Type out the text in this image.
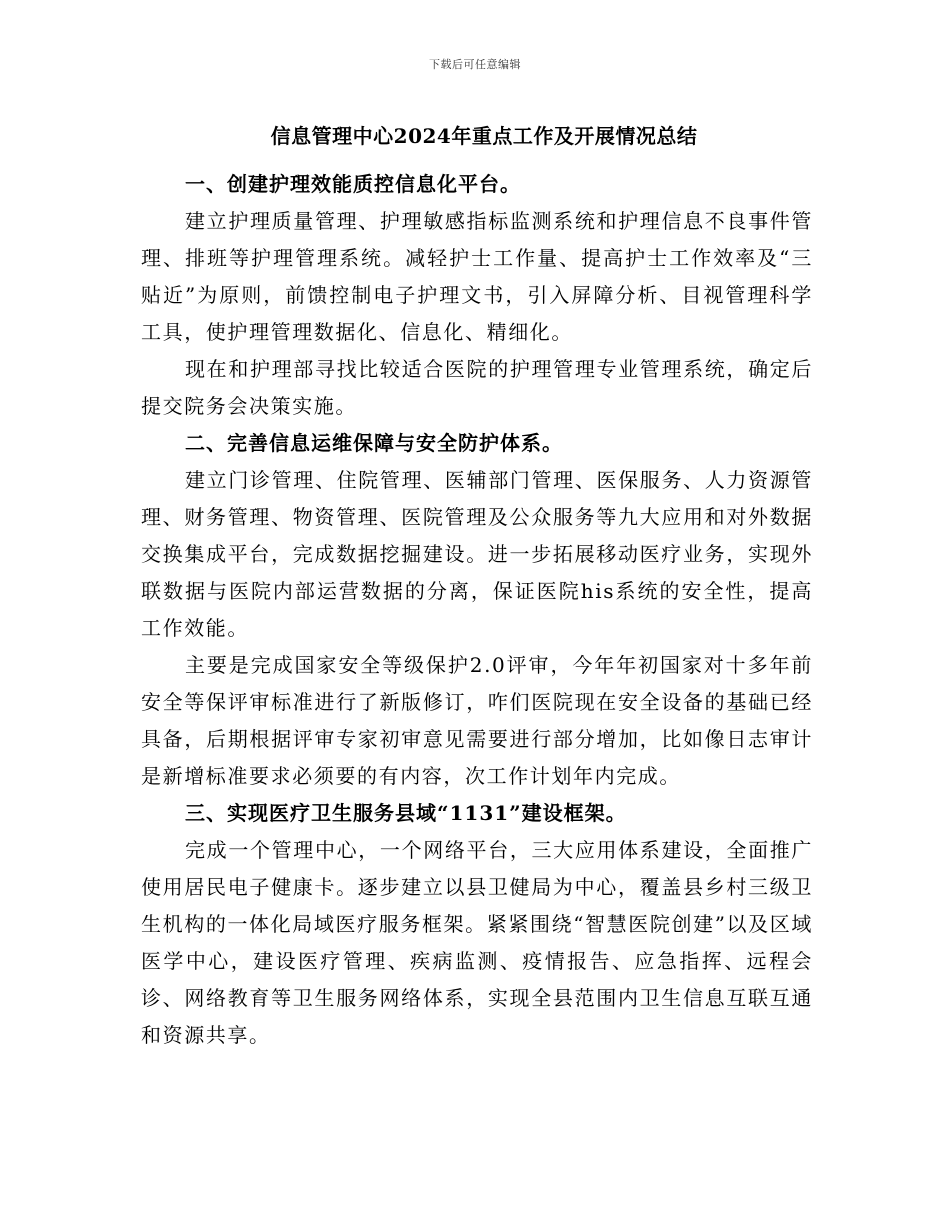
下载后可任意编辑
信息管理中心2024年重点工作及开展情况总结

一、创建护理效能质控信息化平台。

建立护理质量管理、护理敏感指标监测系统和护理信息不良事件管理、排班等护理管理系统。减轻护士工作量、提高护士工作效率及“三贴近”为原则，前馈控制电子护理文书，引入屏障分析、目视管理科学工具，使护理管理数据化、信息化、精细化。

现在和护理部寻找比较适合医院的护理管理专业管理系统，确定后提交院务会决策实施。

二、完善信息运维保障与安全防护体系。

建立门诊管理、住院管理、医辅部门管理、医保服务、人力资源管理、财务管理、物资管理、医院管理及公众服务等九大应用和对外数据交换集成平台，完成数据挖掘建设。进一步拓展移动医疗业务，实现外联数据与医院内部运营数据的分离，保证医院his系统的安全性，提高工作效能。

主要是完成国家安全等级保护2.0评审，今年年初国家对十多年前安全等保评审标准进行了新版修订，咋们医院现在安全设备的基础已经具备，后期根据评审专家初审意见需要进行部分增加，比如像日志审计是新增标准要求必须要的有内容，次工作计划年内完成。

三、实现医疗卫生服务县域“1131”建设框架。

完成一个管理中心，一个网络平台，三大应用体系建设，全面推广使用居民电子健康卡。逐步建立以县卫健局为中心，覆盖县乡村三级卫生机构的一体化局域医疗服务框架。紧紧围绕“智慧医院创建”以及区域医学中心，建设医疗管理、疾病监测、疫情报告、应急指挥、远程会诊、网络教育等卫生服务网络体系，实现全县范围内卫生信息互联互通和资源共享。
